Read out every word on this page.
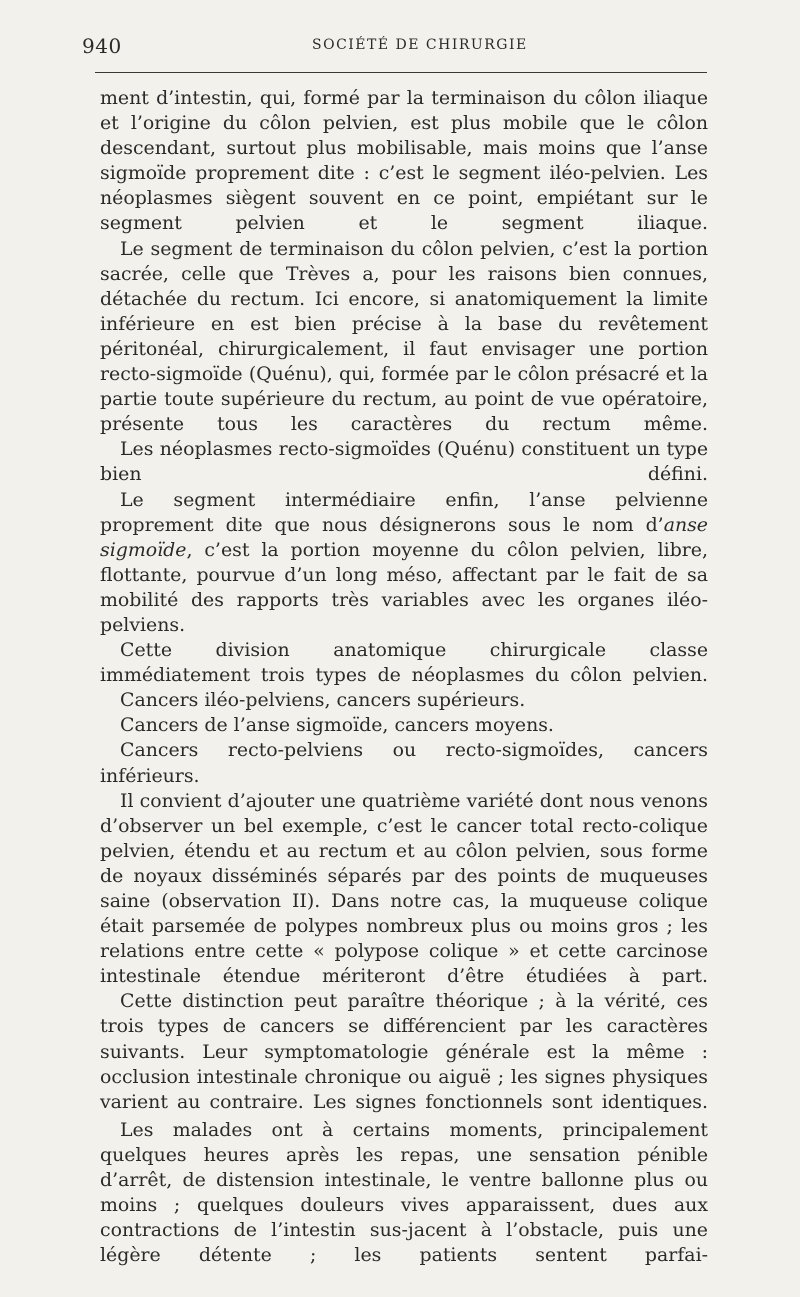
940	SOCIÉTÉ DE CHIRURGIE

ment d’intestin, qui, formé par la terminaison du côlon iliaque et l’origine du côlon pelvien, est plus mobile que le côlon descendant, surtout plus mobilisable, mais moins que l’anse sigmoïde proprement dite : c’est le segment iléo-pelvien. Les néoplasmes siègent souvent en ce point, empiétant sur le segment pelvien et le segment iliaque.

Le segment de terminaison du côlon pelvien, c’est la portion sacrée, celle que Trèves a, pour les raisons bien connues, détachée du rectum. Ici encore, si anatomiquement la limite inférieure en est bien précise à la base du revêtement péritonéal, chirurgicalement, il faut envisager une portion recto-sigmoïde (Quénu), qui, formée par le côlon présacré et la partie toute supérieure du rectum, au point de vue opératoire, présente tous les caractères du rectum même.

Les néoplasmes recto-sigmoïdes (Quénu) constituent un type bien défini.

Le segment intermédiaire enfin, l’anse pelvienne proprement dite que nous désignerons sous le nom d’anse sigmoïde, c’est la portion moyenne du côlon pelvien, libre, flottante, pourvue d’un long méso, affectant par le fait de sa mobilité des rapports très variables avec les organes iléo-pelviens.

Cette division anatomique chirurgicale classe immédiatement trois types de néoplasmes du côlon pelvien.

Cancers iléo-pelviens, cancers supérieurs.

Cancers de l’anse sigmoïde, cancers moyens.

Cancers recto-pelviens ou recto-sigmoïdes, cancers inférieurs.

Il convient d’ajouter une quatrième variété dont nous venons d’observer un bel exemple, c’est le cancer total recto-colique pelvien, étendu et au rectum et au côlon pelvien, sous forme de noyaux disséminés séparés par des points de muqueuses saine (observation II). Dans notre cas, la muqueuse colique était parsemée de polypes nombreux plus ou moins gros ; les relations entre cette « polypose colique » et cette carcinose intestinale étendue mériteront d’être étudiées à part.

Cette distinction peut paraître théorique ; à la vérité, ces trois types de cancers se différencient par les caractères suivants. Leur symptomatologie générale est la même : occlusion intestinale chronique ou aiguë ; les signes physiques varient au contraire. Les signes fonctionnels sont identiques.

Les malades ont à certains moments, principalement quelques heures après les repas, une sensation pénible d’arrêt, de distension intestinale, le ventre ballonne plus ou moins ; quelques douleurs vives apparaissent, dues aux contractions de l’intestin sus-jacent à l’obstacle, puis une légère détente ; les patients sentent parfai-
